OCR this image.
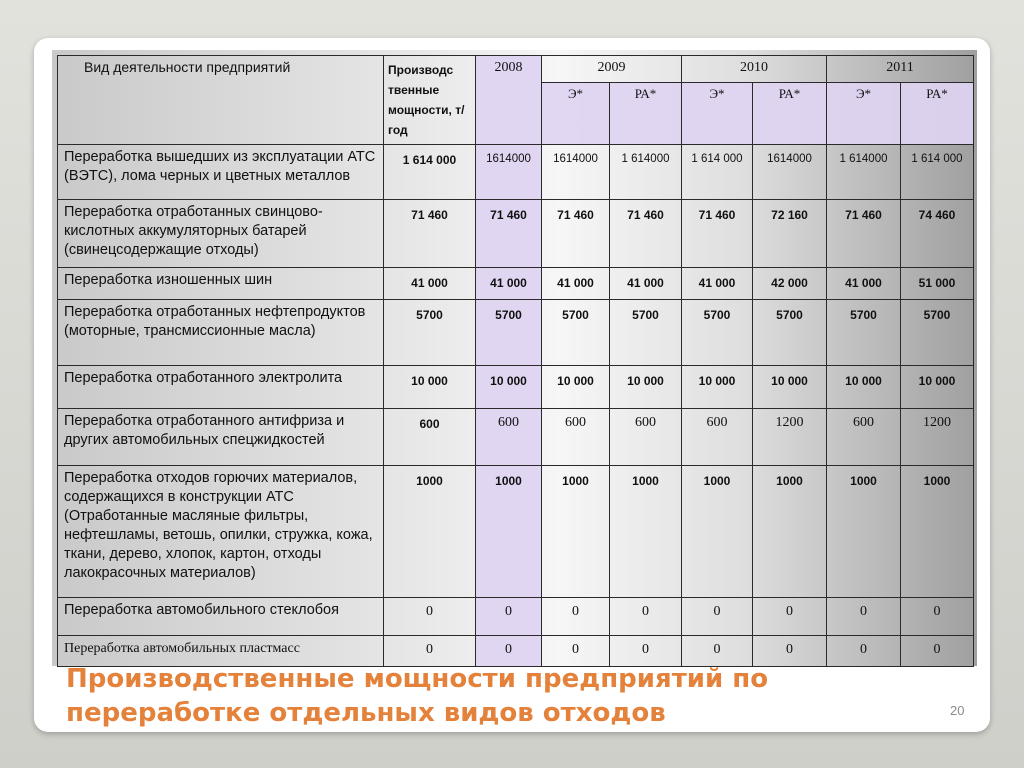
Вид деятельности предприятий	Производс твенные мощности, т/год	2008	2009		2010		2011	
			Э*	РА*	Э*	РА*	Э*	РА*
Переработка вышедших из эксплуатации АТС (ВЭТС), лома черных и цветных металлов	1 614 000	1614000	1614000	1 614000	1 614 000	1614000	1 614000	1 614 000
Переработка отработанных свинцово-кислотных аккумуляторных батарей (свинецсодержащие отходы)	71 460	71 460	71 460	71 460	71 460	72 160	71 460	74 460
Переработка изношенных шин	41 000	41 000	41 000	41 000	41 000	42 000	41 000	51 000
Переработка отработанных нефтепродуктов (моторные, трансмиссионные масла)	5700	5700	5700	5700	5700	5700	5700	5700
Переработка отработанного электролита	10 000	10 000	10 000	10 000	10 000	10 000	10 000	10 000
Переработка отработанного антифриза и других автомобильных спецжидкостей	600	600	600	600	600	1200	600	1200
Переработка отходов горючих материалов, содержащихся в конструкции АТС (Отработанные масляные фильтры, нефтешламы, ветошь, опилки, стружка, кожа, ткани, дерево, хлопок, картон, отходы лакокрасочных материалов)	1000	1000	1000	1000	1000	1000	1000	1000
Переработка автомобильного стеклобоя	0	0	0	0	0	0	0	0
Переработка автомобильных пластмасс	0	0	0	0	0	0	0	0
Производственные мощности предприятий по
переработке отдельных видов отходов	20
